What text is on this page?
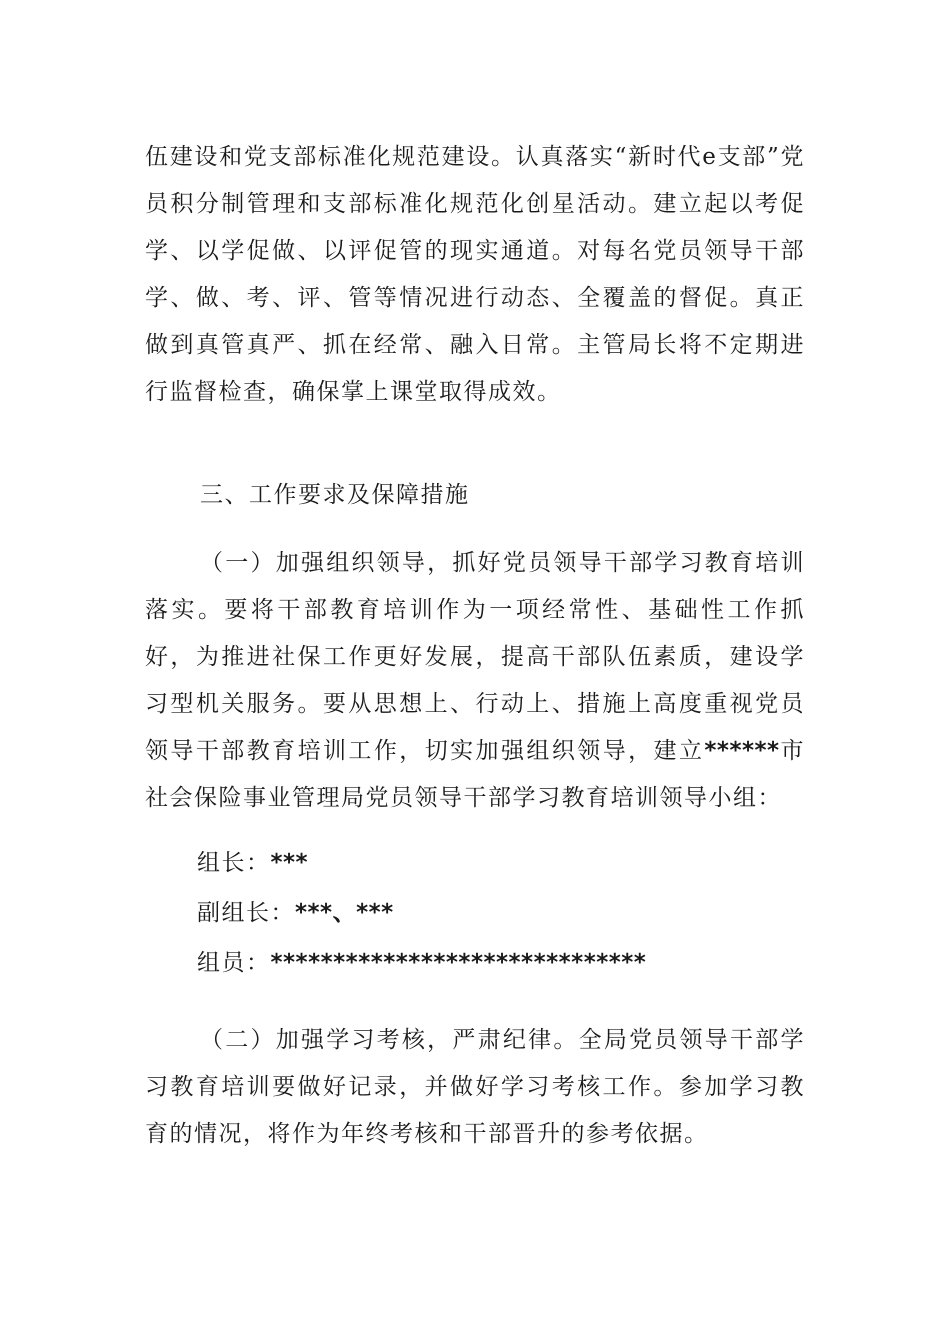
伍建设和党支部标准化规范建设。认真落实“新时代e支部”党员积分制管理和支部标准化规范化创星活动。建立起以考促学、以学促做、以评促管的现实通道。对每名党员领导干部学、做、考、评、管等情况进行动态、全覆盖的督促。真正做到真管真严、抓在经常、融入日常。主管局长将不定期进行监督检查，确保掌上课堂取得成效。

三、工作要求及保障措施

（一）加强组织领导，抓好党员领导干部学习教育培训落实。要将干部教育培训作为一项经常性、基础性工作抓好，为推进社保工作更好发展，提高干部队伍素质，建设学习型机关服务。要从思想上、行动上、措施上高度重视党员领导干部教育培训工作，切实加强组织领导，建立******市社会保险事业管理局党员领导干部学习教育培训领导小组：

组长：***

副组长：***、***

组员：******************************

（二）加强学习考核，严肃纪律。全局党员领导干部学习教育培训要做好记录，并做好学习考核工作。参加学习教育的情况，将作为年终考核和干部晋升的参考依据。
